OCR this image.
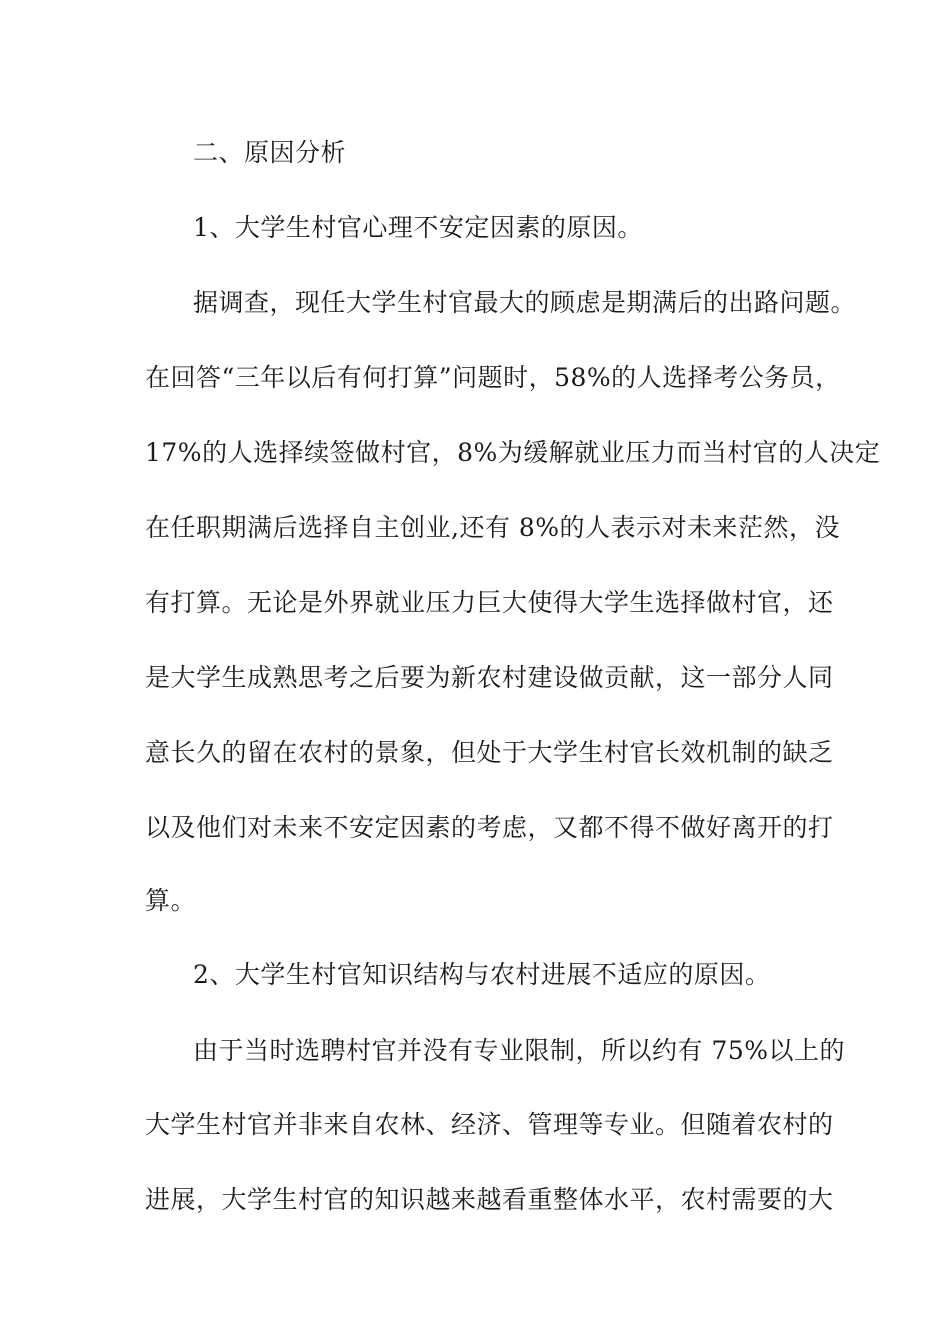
二、原因分析
1、大学生村官心理不安定因素的原因。
据调查，现任大学生村官最大的顾虑是期满后的出路问题。
在回答“三年以后有何打算”问题时，58%的人选择考公务员，
17%的人选择续签做村官，8%为缓解就业压力而当村官的人决定
在任职期满后选择自主创业,还有 8%的人表示对未来茫然，没
有打算。无论是外界就业压力巨大使得大学生选择做村官，还
是大学生成熟思考之后要为新农村建设做贡献，这一部分人同
意长久的留在农村的景象，但处于大学生村官长效机制的缺乏
以及他们对未来不安定因素的考虑，又都不得不做好离开的打
算。
2、大学生村官知识结构与农村进展不适应的原因。
由于当时选聘村官并没有专业限制，所以约有 75%以上的
大学生村官并非来自农林、经济、管理等专业。但随着农村的
进展，大学生村官的知识越来越看重整体水平，农村需要的大
